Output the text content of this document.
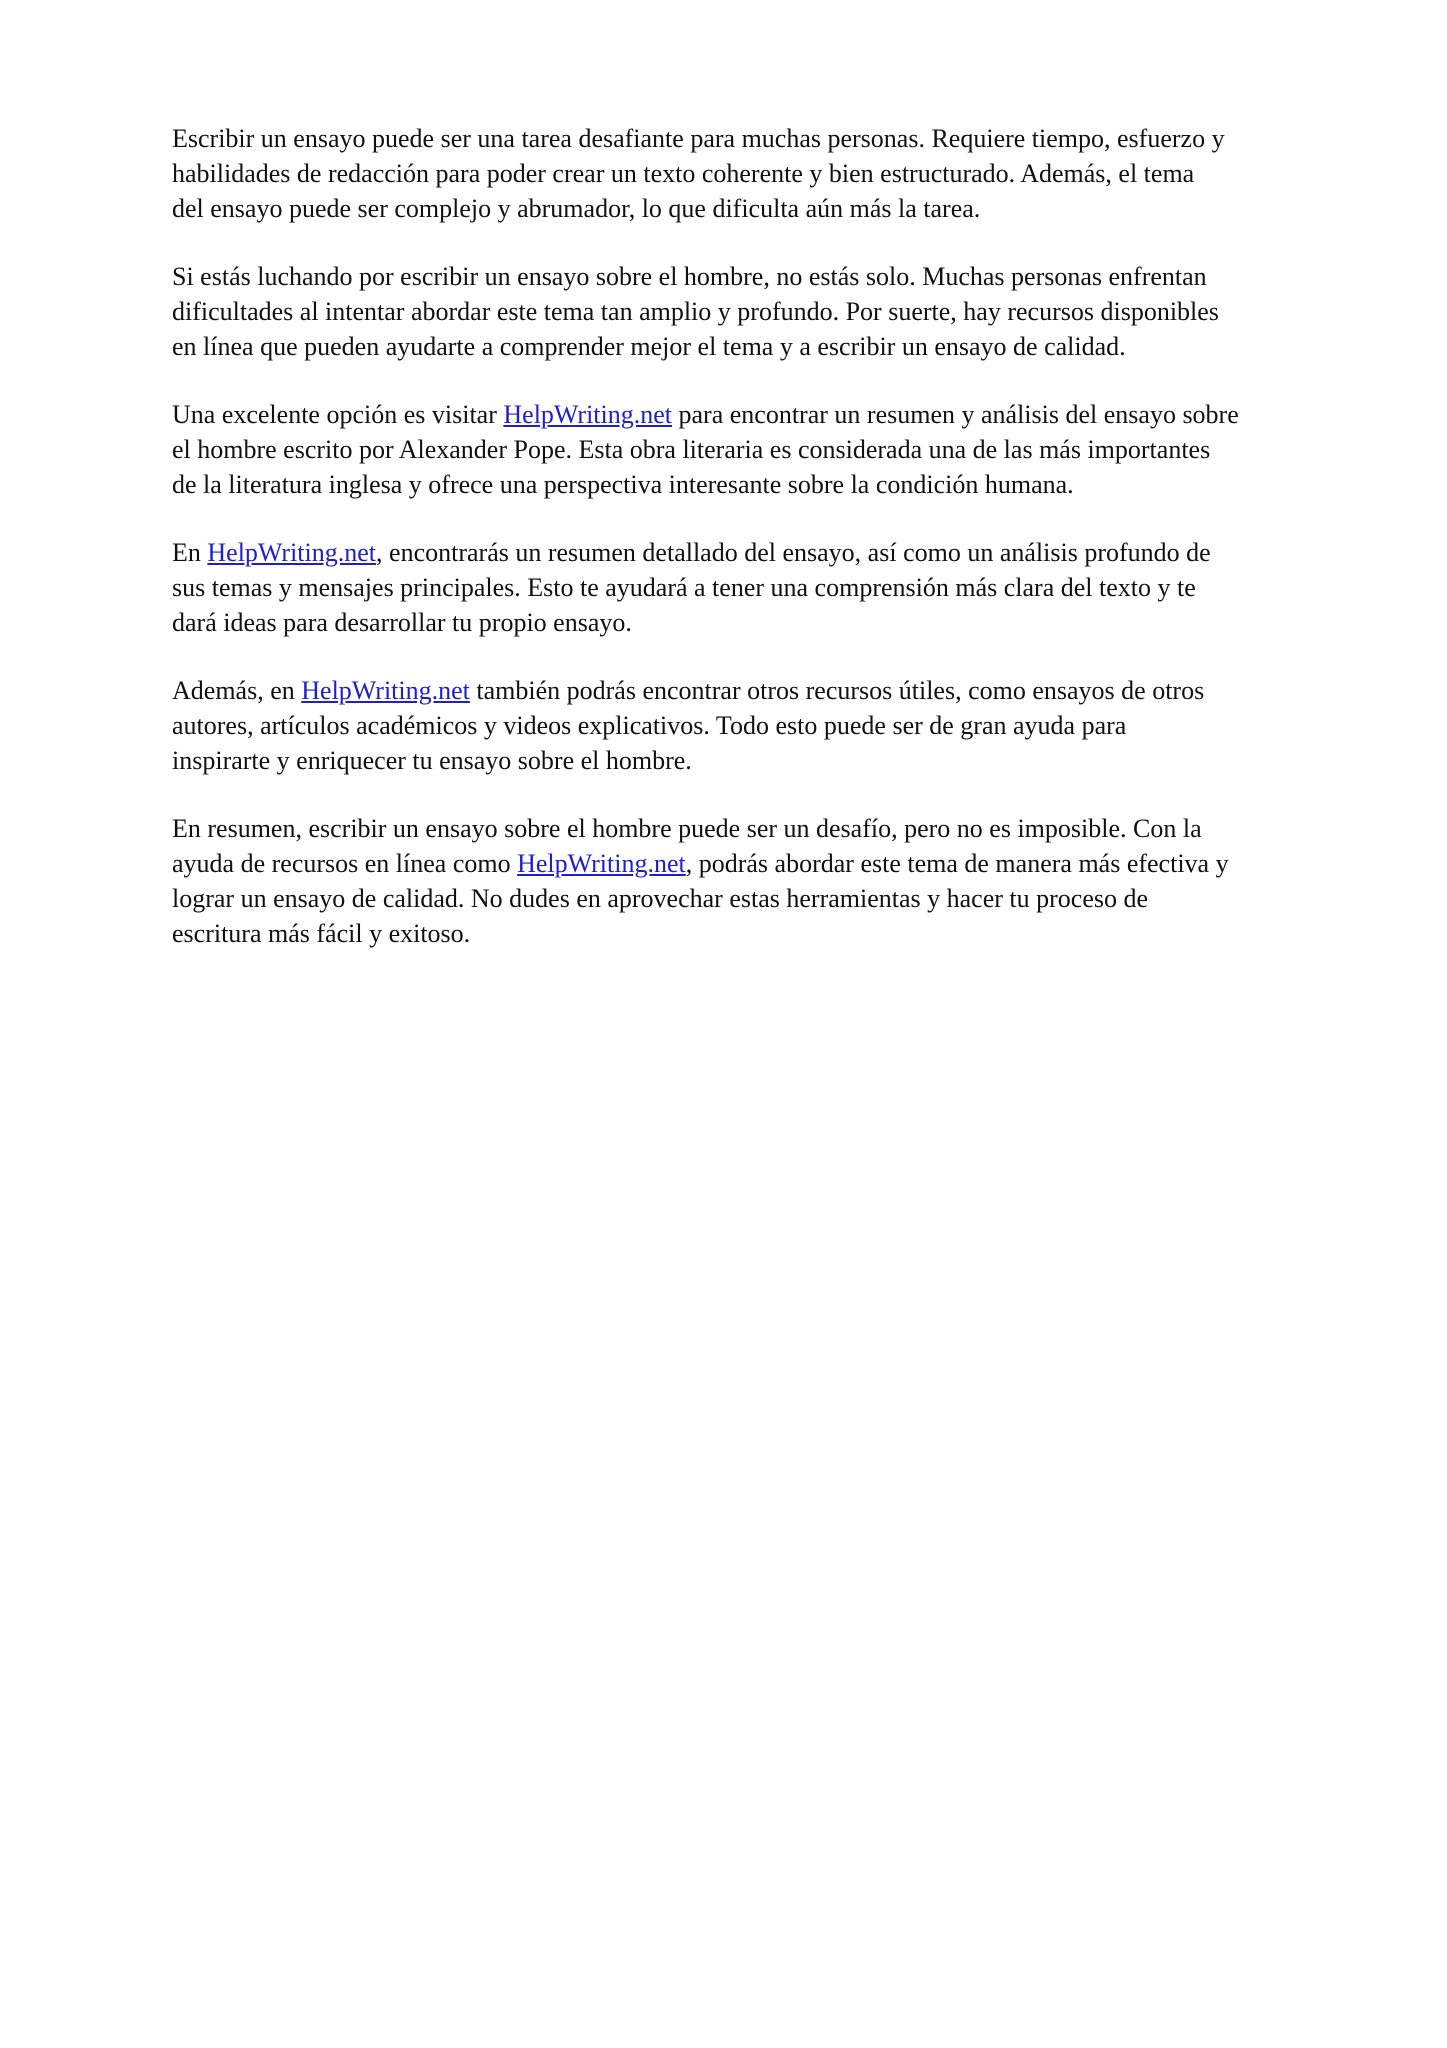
Escribir un ensayo puede ser una tarea desafiante para muchas personas. Requiere tiempo, esfuerzo y
habilidades de redacción para poder crear un texto coherente y bien estructurado. Además, el tema
del ensayo puede ser complejo y abrumador, lo que dificulta aún más la tarea.

Si estás luchando por escribir un ensayo sobre el hombre, no estás solo. Muchas personas enfrentan
dificultades al intentar abordar este tema tan amplio y profundo. Por suerte, hay recursos disponibles
en línea que pueden ayudarte a comprender mejor el tema y a escribir un ensayo de calidad.

Una excelente opción es visitar HelpWriting.net para encontrar un resumen y análisis del ensayo sobre
el hombre escrito por Alexander Pope. Esta obra literaria es considerada una de las más importantes
de la literatura inglesa y ofrece una perspectiva interesante sobre la condición humana.

En HelpWriting.net, encontrarás un resumen detallado del ensayo, así como un análisis profundo de
sus temas y mensajes principales. Esto te ayudará a tener una comprensión más clara del texto y te
dará ideas para desarrollar tu propio ensayo.

Además, en HelpWriting.net también podrás encontrar otros recursos útiles, como ensayos de otros
autores, artículos académicos y videos explicativos. Todo esto puede ser de gran ayuda para
inspirarte y enriquecer tu ensayo sobre el hombre.

En resumen, escribir un ensayo sobre el hombre puede ser un desafío, pero no es imposible. Con la
ayuda de recursos en línea como HelpWriting.net, podrás abordar este tema de manera más efectiva y
lograr un ensayo de calidad. No dudes en aprovechar estas herramientas y hacer tu proceso de
escritura más fácil y exitoso.
